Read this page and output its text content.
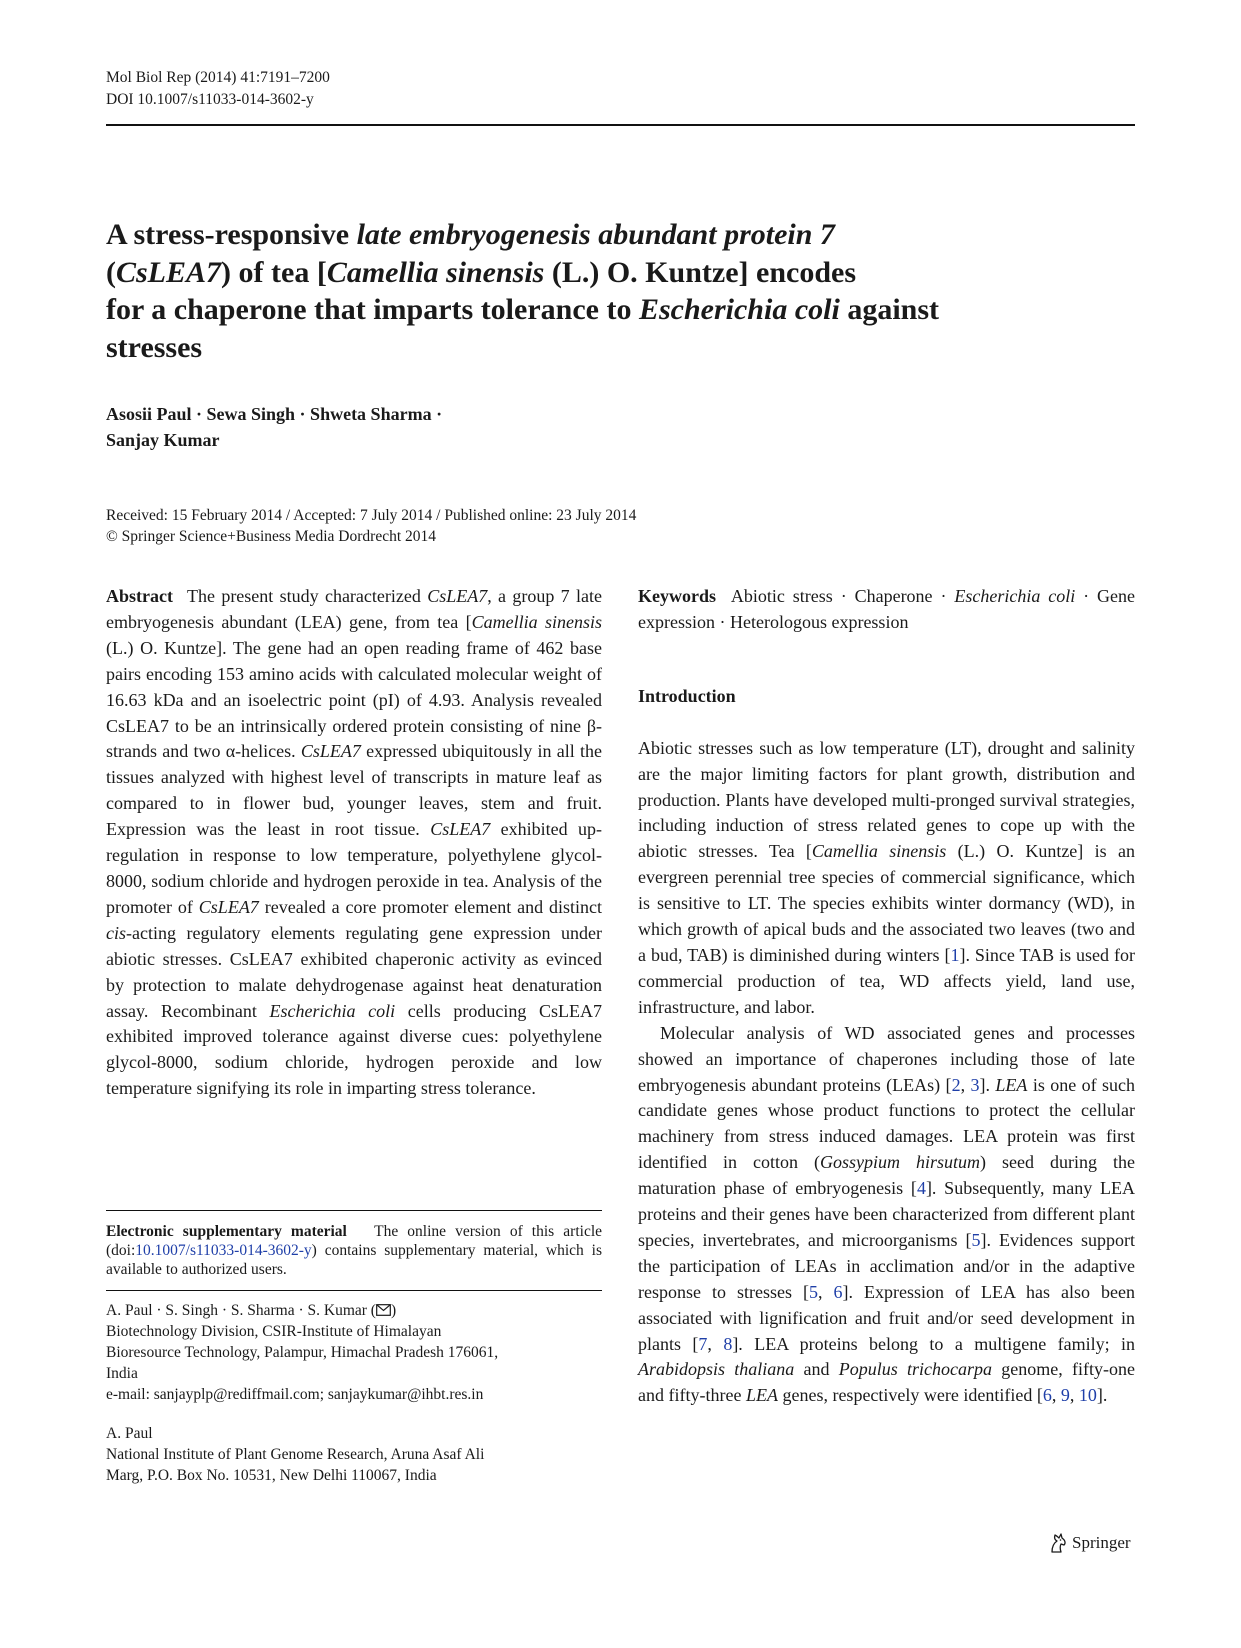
Mol Biol Rep (2014) 41:7191–7200
DOI 10.1007/s11033-014-3602-y
A stress-responsive late embryogenesis abundant protein 7
(CsLEA7) of tea [Camellia sinensis (L.) O. Kuntze] encodes
for a chaperone that imparts tolerance to Escherichia coli against
stresses
Asosii Paul · Sewa Singh · Shweta Sharma ·
Sanjay Kumar
Received: 15 February 2014 / Accepted: 7 July 2014 / Published online: 23 July 2014
© Springer Science+Business Media Dordrecht 2014

Abstract The present study characterized CsLEA7, a group 7 late embryogenesis abundant (LEA) gene, from tea [Camellia sinensis (L.) O. Kuntze]. The gene had an open reading frame of 462 base pairs encoding 153 amino acids with calculated molecular weight of 16.63 kDa and an isoelectric point (pI) of 4.93. Analysis revealed CsLEA7 to be an intrinsically ordered protein consisting of nine β-strands and two α-helices. CsLEA7 expressed ubiquitously in all the tissues analyzed with highest level of transcripts in mature leaf as compared to in flower bud, younger leaves, stem and fruit. Expression was the least in root tissue. CsLEA7 exhibited up-regulation in response to low temperature, polyethylene glycol-8000, sodium chloride and hydrogen peroxide in tea. Analysis of the promoter of CsLEA7 revealed a core promoter element and distinct cis-acting regulatory elements regulating gene expression under abiotic stresses. CsLEA7 exhibited chaperonic activity as evinced by protection to malate dehydrogenase against heat denaturation assay. Recombinant Escherichia coli cells producing CsLEA7 exhibited improved tolerance against diverse cues: polyethylene glycol-8000, sodium chloride, hydrogen peroxide and low temperature signifying its role in imparting stress tolerance.

Electronic supplementary material The online version of this article (doi:10.1007/s11033-014-3602-y) contains supplementary material, which is available to authorized users.

A. Paul · S. Singh · S. Sharma · S. Kumar ( )

Biotechnology Division, CSIR-Institute of Himalayan

Bioresource Technology, Palampur, Himachal Pradesh 176061,

India

e-mail: sanjayplp@rediffmail.com; sanjaykumar@ihbt.res.in

A. Paul

National Institute of Plant Genome Research, Aruna Asaf Ali

Marg, P.O. Box No. 10531, New Delhi 110067, India

Keywords Abiotic stress · Chaperone · Escherichia coli · Gene expression · Heterologous expression

Introduction

Abiotic stresses such as low temperature (LT), drought and salinity are the major limiting factors for plant growth, distribution and production. Plants have developed multi-pronged survival strategies, including induction of stress related genes to cope up with the abiotic stresses. Tea [Camellia sinensis (L.) O. Kuntze] is an evergreen perennial tree species of commercial significance, which is sensitive to LT. The species exhibits winter dormancy (WD), in which growth of apical buds and the associated two leaves (two and a bud, TAB) is diminished during winters [1]. Since TAB is used for commercial production of tea, WD affects yield, land use, infrastructure, and labor.

Molecular analysis of WD associated genes and processes showed an importance of chaperones including those of late embryogenesis abundant proteins (LEAs) [2, 3]. LEA is one of such candidate genes whose product functions to protect the cellular machinery from stress induced damages. LEA protein was first identified in cotton (Gossypium hirsutum) seed during the maturation phase of embryogenesis [4]. Subsequently, many LEA proteins and their genes have been characterized from different plant species, invertebrates, and microorganisms [5]. Evidences support the participation of LEAs in acclimation and/or in the adaptive response to stresses [5, 6]. Expression of LEA has also been associated with lignification and fruit and/or seed development in plants [7, 8]. LEA proteins belong to a multigene family; in Arabidopsis thaliana and Populus trichocarpa genome, fifty-one and fifty-three LEA genes, respectively were identified [6, 9, 10].

Springer
